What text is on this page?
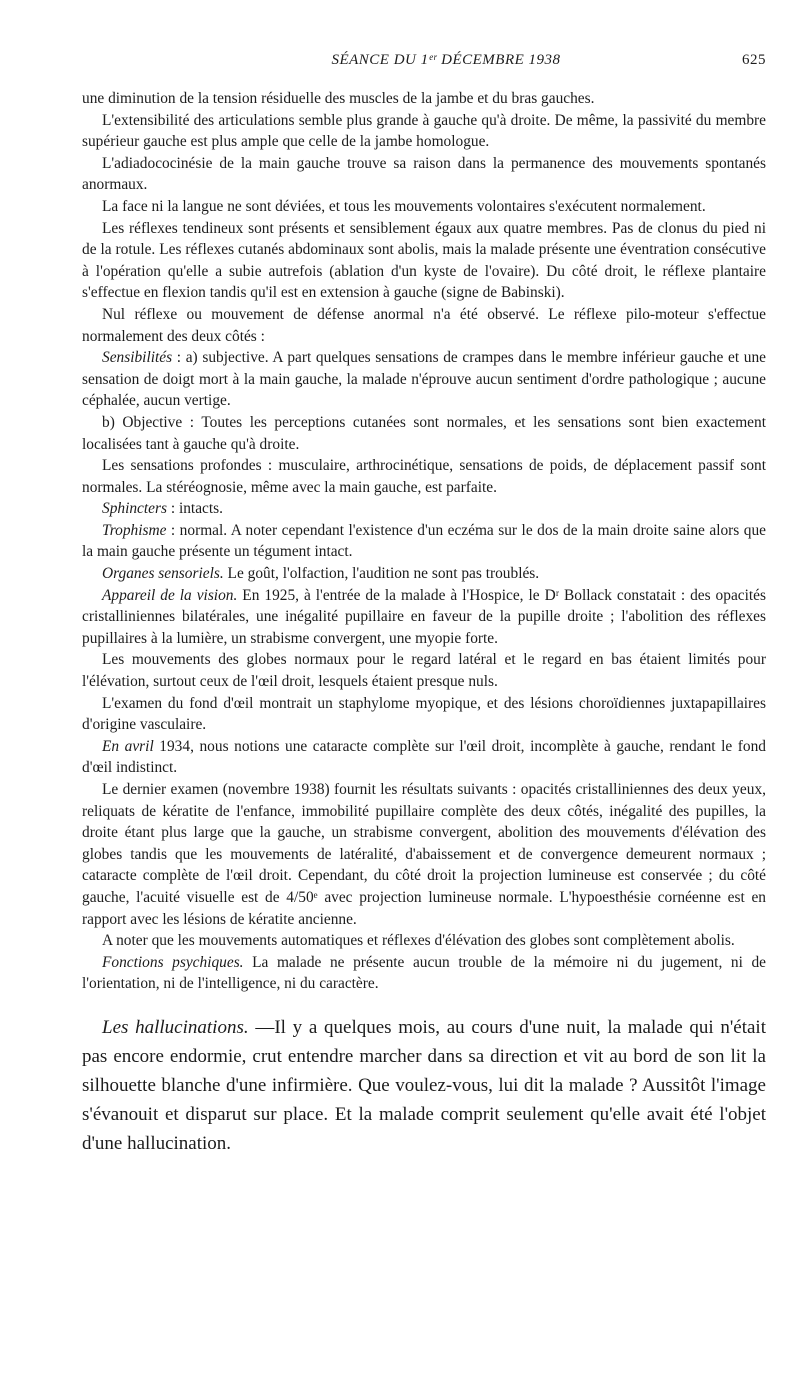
SÉANCE DU 1ᵉʳ DÉCEMBRE 1938	625

une diminution de la tension résiduelle des muscles de la jambe et du bras gauches.

L'extensibilité des articulations semble plus grande à gauche qu'à droite. De même, la passivité du membre supérieur gauche est plus ample que celle de la jambe homologue.

L'adiadococinésie de la main gauche trouve sa raison dans la permanence des mouvements spontanés anormaux.

La face ni la langue ne sont déviées, et tous les mouvements volontaires s'exécutent normalement.

Les réflexes tendineux sont présents et sensiblement égaux aux quatre membres. Pas de clonus du pied ni de la rotule. Les réflexes cutanés abdominaux sont abolis, mais la malade présente une éventration consécutive à l'opération qu'elle a subie autrefois (ablation d'un kyste de l'ovaire). Du côté droit, le réflexe plantaire s'effectue en flexion tandis qu'il est en extension à gauche (signe de Babinski).

Nul réflexe ou mouvement de défense anormal n'a été observé. Le réflexe pilo-moteur s'effectue normalement des deux côtés :

Sensibilités : a) subjective. A part quelques sensations de crampes dans le membre inférieur gauche et une sensation de doigt mort à la main gauche, la malade n'éprouve aucun sentiment d'ordre pathologique ; aucune céphalée, aucun vertige.

b) Objective : Toutes les perceptions cutanées sont normales, et les sensations sont bien exactement localisées tant à gauche qu'à droite.

Les sensations profondes : musculaire, arthrocinétique, sensations de poids, de déplacement passif sont normales. La stéréognosie, même avec la main gauche, est parfaite.

Sphincters : intacts.

Trophisme : normal. A noter cependant l'existence d'un eczéma sur le dos de la main droite saine alors que la main gauche présente un tégument intact.

Organes sensoriels. Le goût, l'olfaction, l'audition ne sont pas troublés.

Appareil de la vision. En 1925, à l'entrée de la malade à l'Hospice, le Dʳ Bollack constatait : des opacités cristalliniennes bilatérales, une inégalité pupillaire en faveur de la pupille droite ; l'abolition des réflexes pupillaires à la lumière, un strabisme convergent, une myopie forte.

Les mouvements des globes normaux pour le regard latéral et le regard en bas étaient limités pour l'élévation, surtout ceux de l'œil droit, lesquels étaient presque nuls.

L'examen du fond d'œil montrait un staphylome myopique, et des lésions choroïdiennes juxtapapillaires d'origine vasculaire.

En avril 1934, nous notions une cataracte complète sur l'œil droit, incomplète à gauche, rendant le fond d'œil indistinct.

Le dernier examen (novembre 1938) fournit les résultats suivants : opacités cristalliniennes des deux yeux, reliquats de kératite de l'enfance, immobilité pupillaire complète des deux côtés, inégalité des pupilles, la droite étant plus large que la gauche, un strabisme convergent, abolition des mouvements d'élévation des globes tandis que les mouvements de latéralité, d'abaissement et de convergence demeurent normaux ; cataracte complète de l'œil droit. Cependant, du côté droit la projection lumineuse est conservée ; du côté gauche, l'acuité visuelle est de 4/50ᵉ avec projection lumineuse normale. L'hypoesthésie cornéenne est en rapport avec les lésions de kératite ancienne.

A noter que les mouvements automatiques et réflexes d'élévation des globes sont complètement abolis.

Fonctions psychiques. La malade ne présente aucun trouble de la mémoire ni du jugement, ni de l'orientation, ni de l'intelligence, ni du caractère.

Les hallucinations. —Il y a quelques mois, au cours d'une nuit, la malade qui n'était pas encore endormie, crut entendre marcher dans sa direction et vit au bord de son lit la silhouette blanche d'une infirmière. Que voulez-vous, lui dit la malade ? Aussitôt l'image s'évanouit et disparut sur place. Et la malade comprit seulement qu'elle avait été l'objet d'une hallucination.
